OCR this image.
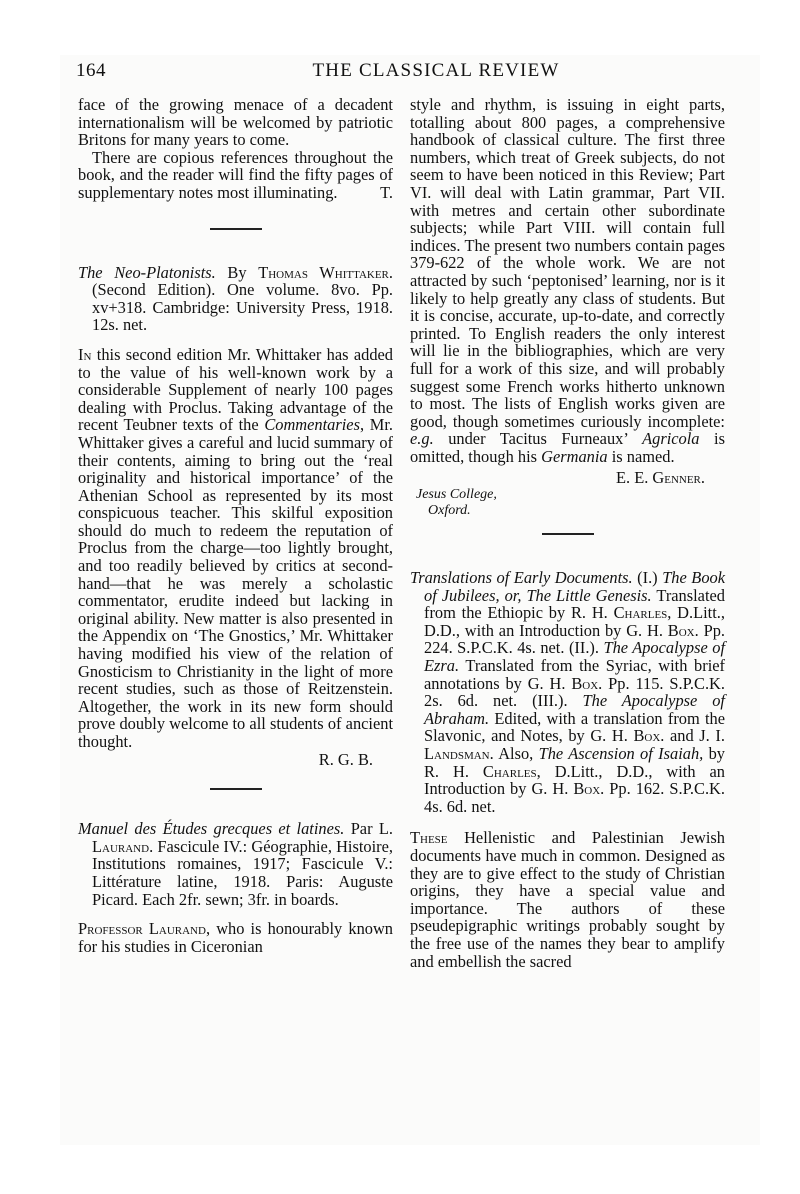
164	THE CLASSICAL REVIEW

face of the growing menace of a decadent internationalism will be welcomed by patriotic Britons for many years to come.

There are copious references throughout the book, and the reader will find the fifty pages of supplementary notes most illuminating.	T.

The Neo-Platonists. By Thomas Whittaker. (Second Edition). One volume. 8vo. Pp. xv+318. Cambridge: University Press, 1918. 12s. net.

In this second edition Mr. Whittaker has added to the value of his well-known work by a considerable Supplement of nearly 100 pages dealing with Proclus. Taking advantage of the recent Teubner texts of the Commentaries, Mr. Whittaker gives a careful and lucid summary of their contents, aiming to bring out the ‘real originality and historical importance’ of the Athenian School as represented by its most conspicuous teacher. This skilful exposition should do much to redeem the reputation of Proclus from the charge—too lightly brought, and too readily believed by critics at second-hand—that he was merely a scholastic commentator, erudite indeed but lacking in original ability. New matter is also presented in the Appendix on ‘The Gnostics,’ Mr. Whittaker having modified his view of the relation of Gnosticism to Christianity in the light of more recent studies, such as those of Reitzenstein. Altogether, the work in its new form should prove doubly welcome to all students of ancient thought.

R. G. B.

Manuel des Études grecques et latines. Par L. Laurand. Fascicule IV.: Géographie, Histoire, Institutions romaines, 1917; Fascicule V.: Littérature latine, 1918. Paris: Auguste Picard. Each 2fr. sewn; 3fr. in boards.

Professor Laurand, who is honourably known for his studies in Ciceronian

style and rhythm, is issuing in eight parts, totalling about 800 pages, a comprehensive handbook of classical culture. The first three numbers, which treat of Greek subjects, do not seem to have been noticed in this Review; Part VI. will deal with Latin grammar, Part VII. with metres and certain other subordinate subjects; while Part VIII. will contain full indices. The present two numbers contain pages 379-622 of the whole work. We are not attracted by such ‘peptonised’ learning, nor is it likely to help greatly any class of students. But it is concise, accurate, up-to-date, and correctly printed. To English readers the only interest will lie in the bibliographies, which are very full for a work of this size, and will probably suggest some French works hitherto unknown to most. The lists of English works given are good, though sometimes curiously incomplete: e.g. under Tacitus Furneaux’ Agricola is omitted, though his Germania is named.

E. E. Genner.

Jesus College,
Oxford.

Translations of Early Documents. (I.) The Book of Jubilees, or, The Little Genesis. Translated from the Ethiopic by R. H. Charles, D.Litt., D.D., with an Introduction by G. H. Box. Pp. 224. S.P.C.K. 4s. net. (II.). The Apocalypse of Ezra. Translated from the Syriac, with brief annotations by G. H. Box. Pp. 115. S.P.C.K. 2s. 6d. net. (III.). The Apocalypse of Abraham. Edited, with a translation from the Slavonic, and Notes, by G. H. Box. and J. I. Landsman. Also, The Ascension of Isaiah, by R. H. Charles, D.Litt., D.D., with an Introduction by G. H. Box. Pp. 162. S.P.C.K. 4s. 6d. net.

These Hellenistic and Palestinian Jewish documents have much in common. Designed as they are to give effect to the study of Christian origins, they have a special value and importance. The authors of these pseudepigraphic writings probably sought by the free use of the names they bear to amplify and embellish the sacred
